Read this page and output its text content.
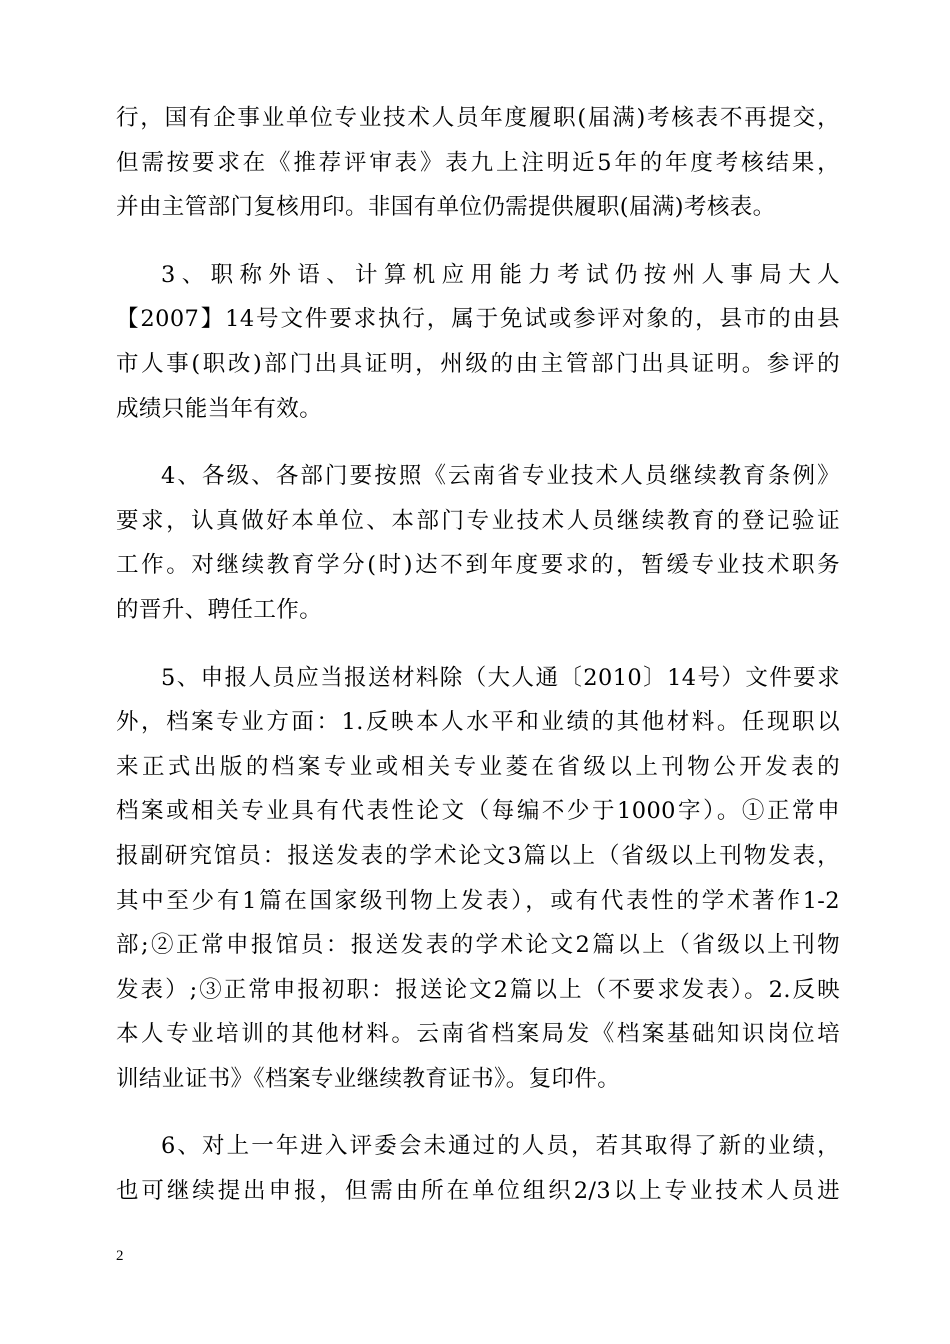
行，国有企事业单位专业技术人员年度履职(届满)考核表不再提交，
但需按要求在《推荐评审表》表九上注明近5年的年度考核结果，
并由主管部门复核用印。非国有单位仍需提供履职(届满)考核表。

3、职称外语、计算机应用能力考试仍按州人事局大人
【2007】14号文件要求执行，属于免试或参评对象的，县市的由县
市人事(职改)部门出具证明，州级的由主管部门出具证明。参评的
成绩只能当年有效。

4、各级、各部门要按照《云南省专业技术人员继续教育条例》
要求，认真做好本单位、本部门专业技术人员继续教育的登记验证
工作。对继续教育学分(时)达不到年度要求的，暂缓专业技术职务
的晋升、聘任工作。

5、申报人员应当报送材料除（大人通〔2010〕14号）文件要求
外，档案专业方面：1.反映本人水平和业绩的其他材料。任现职以
来正式出版的档案专业或相关专业菱在省级以上刊物公开发表的
档案或相关专业具有代表性论文（每编不少于1000字）。①正常申
报副研究馆员：报送发表的学术论文3篇以上（省级以上刊物发表，
其中至少有1篇在国家级刊物上发表），或有代表性的学术著作1-2
部;②正常申报馆员：报送发表的学术论文2篇以上（省级以上刊物
发表）;③正常申报初职：报送论文2篇以上（不要求发表）。2.反映
本人专业培训的其他材料。云南省档案局发《档案基础知识岗位培
训结业证书》《档案专业继续教育证书》。复印件。

6、对上一年进入评委会未通过的人员，若其取得了新的业绩，
也可继续提出申报，但需由所在单位组织2/3以上专业技术人员进

2
